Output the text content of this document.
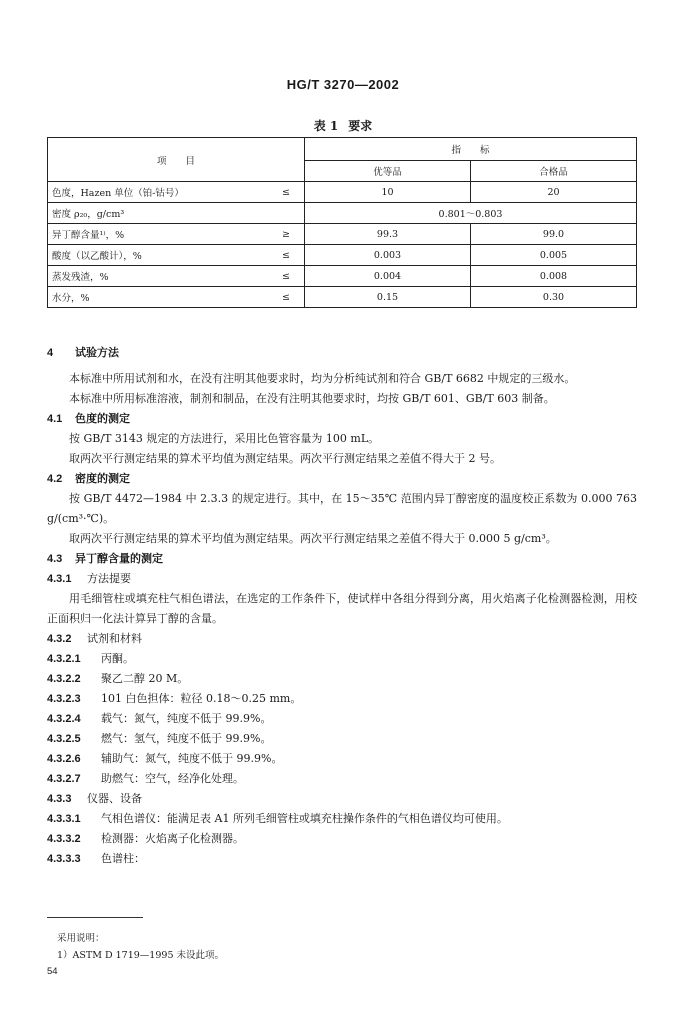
HG/T 3270—2002
表 1 要求
项　　目		指　　标	
		优等品	合格品
色度，Hazen 单位（铂-钴号）	≤	10	20
密度 ρ₂₀，g/cm³		0.801～0.803	
异丁醇含量¹⁾，%	≥	99.3	99.0
酸度（以乙酸计），%	≤	0.003	0.005
蒸发残渣，%	≤	0.004	0.008
水分，%	≤	0.15	0.30

4 试验方法

本标准中所用试剂和水，在没有注明其他要求时，均为分析纯试剂和符合 GB/T 6682 中规定的三级水。

本标准中所用标准溶液，制剂和制品，在没有注明其他要求时，均按 GB/T 601、GB/T 603 制备。

4.1 色度的测定

按 GB/T 3143 规定的方法进行，采用比色管容量为 100 mL。

取两次平行测定结果的算术平均值为测定结果。两次平行测定结果之差值不得大于 2 号。

4.2 密度的测定

按 GB/T 4472—1984 中 2.3.3 的规定进行。其中，在 15～35℃ 范围内异丁醇密度的温度校正系数为 0.000 763 g/(cm³·℃)。

取两次平行测定结果的算术平均值为测定结果。两次平行测定结果之差值不得大于 0.000 5 g/cm³。

4.3 异丁醇含量的测定

4.3.1 方法提要

用毛细管柱或填充柱气相色谱法，在选定的工作条件下，使试样中各组分得到分离，用火焰离子化检测器检测，用校正面积归一化法计算异丁醇的含量。

4.3.2 试剂和材料

4.3.2.1 丙酮。

4.3.2.2 聚乙二醇 20 M。

4.3.2.3 101 白色担体：粒径 0.18～0.25 mm。

4.3.2.4 载气：氮气，纯度不低于 99.9%。

4.3.2.5 燃气：氢气，纯度不低于 99.9%。

4.3.2.6 辅助气：氮气，纯度不低于 99.9%。

4.3.2.7 助燃气：空气，经净化处理。

4.3.3 仪器、设备

4.3.3.1 气相色谱仪：能满足表 A1 所列毛细管柱或填充柱操作条件的气相色谱仪均可使用。

4.3.3.2 检测器：火焰离子化检测器。

4.3.3.3 色谱柱：

采用说明：

1）ASTM D 1719—1995 未设此项。

54
